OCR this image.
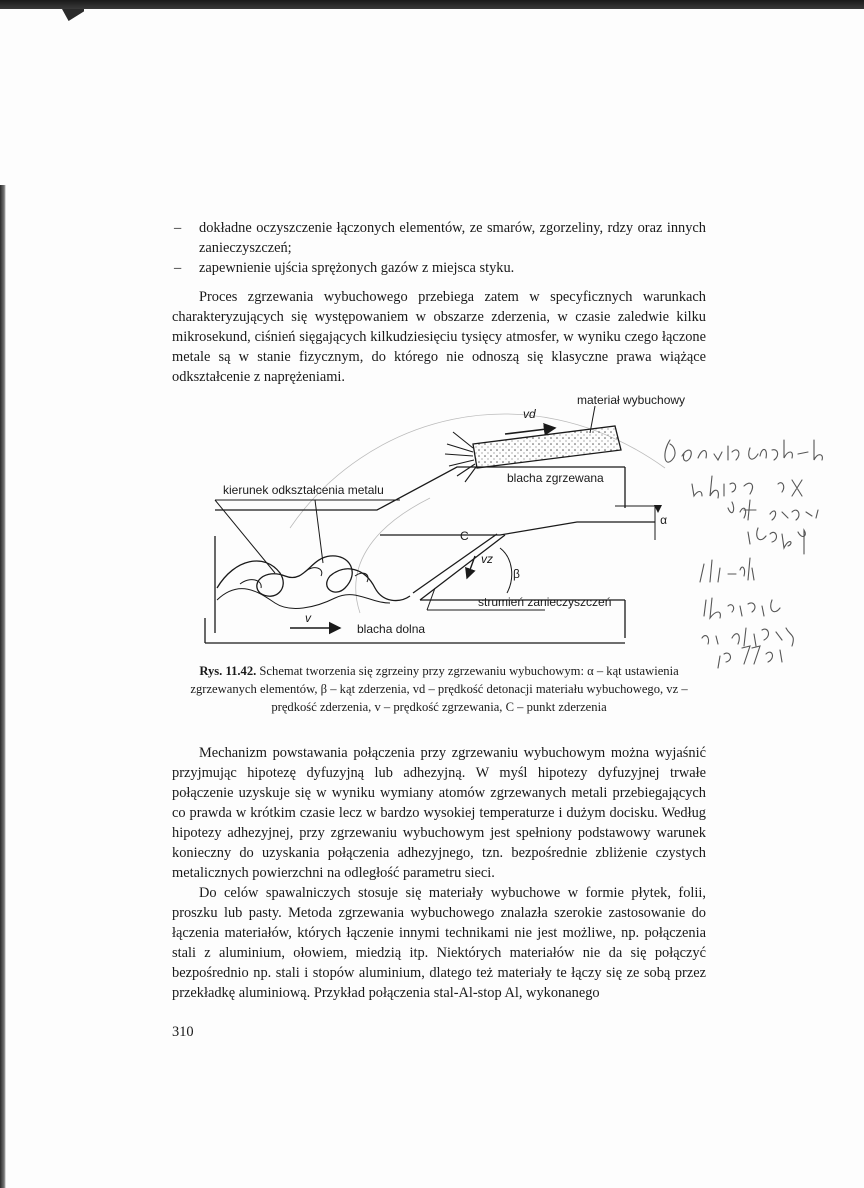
– dokładne oczyszczenie łączonych elementów, ze smarów, zgorzeliny, rdzy oraz innych zanieczyszczeń;
– zapewnienie ujścia sprężonych gazów z miejsca styku.

Proces zgrzewania wybuchowego przebiega zatem w specyficznych warunkach charakteryzujących się występowaniem w obszarze zderzenia, w czasie zaledwie kilku mikrosekund, ciśnień sięgających kilkudziesięciu tysięcy atmosfer, w wyniku czego łączone metale są w stanie fizycznym, do którego nie odnoszą się klasyczne prawa wiążące odkształcenie z naprężeniami.

materiał wybuchowy
vd
blacha zgrzewana
kierunek odkształcenia metalu
α
C
vz
β
strumień zanieczyszczeń
v
blacha dolna
Rys. 11.42. Schemat tworzenia się zgrzeiny przy zgrzewaniu wybuchowym: α – kąt ustawienia zgrzewanych elementów, β – kąt zderzenia, vd – prędkość detonacji materiału wybuchowego, vz – prędkość zderzenia, v – prędkość zgrzewania, C – punkt zderzenia

Mechanizm powstawania połączenia przy zgrzewaniu wybuchowym można wyjaśnić przyjmując hipotezę dyfuzyjną lub adhezyjną. W myśl hipotezy dyfuzyjnej trwałe połączenie uzyskuje się w wyniku wymiany atomów zgrzewanych metali przebiegających co prawda w krótkim czasie lecz w bardzo wysokiej temperaturze i dużym docisku. Według hipotezy adhezyjnej, przy zgrzewaniu wybuchowym jest spełniony podstawowy warunek konieczny do uzyskania połączenia adhezyjnego, tzn. bezpośrednie zbliżenie czystych metalicznych powierzchni na odległość parametru sieci.

Do celów spawalniczych stosuje się materiały wybuchowe w formie płytek, folii, proszku lub pasty. Metoda zgrzewania wybuchowego znalazła szerokie zastosowanie do łączenia materiałów, których łączenie innymi technikami nie jest możliwe, np. połączenia stali z aluminium, ołowiem, miedzią itp. Niektórych materiałów nie da się połączyć bezpośrednio np. stali i stopów aluminium, dlatego też materiały te łączy się ze sobą przez przekładkę aluminiową. Przykład połączenia stal-Al-stop Al, wykonanego

310
